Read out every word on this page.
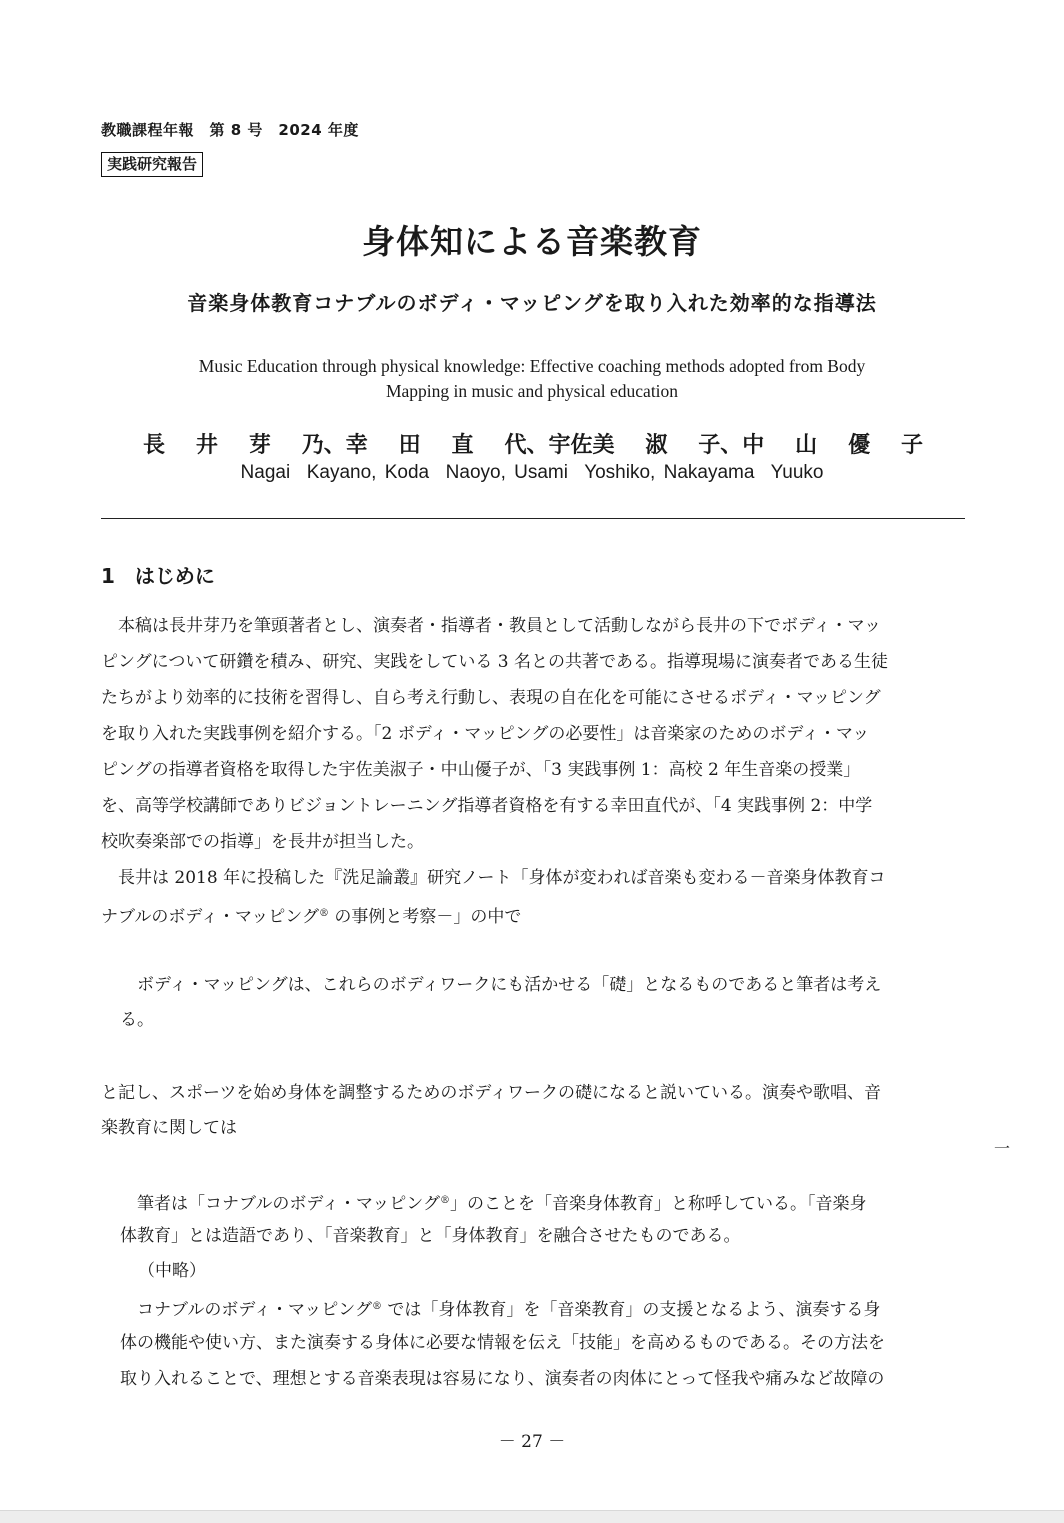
教職課程年報　第 8 号　2024 年度
実践研究報告
身体知による音楽教育
音楽身体教育コナブルのボディ・マッピングを取り入れた効率的な指導法
Music Education through physical knowledge: Effective coaching methods adopted from Body
Mapping in music and physical education
長 井 芽 乃、幸 田 直 代、宇佐美 淑 子、中 山 優 子
Nagai  Kayano, Koda  Naoyo, Usami  Yoshiko, Nakayama  Yuuko
1　はじめに
　本稿は長井芽乃を筆頭著者とし、演奏者・指導者・教員として活動しながら長井の下でボディ・マッ
ピングについて研鑽を積み、研究、実践をしている 3 名との共著である。指導現場に演奏者である生徒
たちがより効率的に技術を習得し、自ら考え行動し、表現の自在化を可能にさせるボディ・マッピング
を取り入れた実践事例を紹介する。「2 ボディ・マッピングの必要性」は音楽家のためのボディ・マッ
ピングの指導者資格を取得した宇佐美淑子・中山優子が、「3 実践事例 1：高校 2 年生音楽の授業」
を、高等学校講師でありビジョントレーニング指導者資格を有する幸田直代が、「4 実践事例 2：中学
校吹奏楽部での指導」を長井が担当した。
　長井は 2018 年に投稿した『洗足論叢』研究ノート「身体が変われば音楽も変わる－音楽身体教育コ
ナブルのボディ・マッピング® の事例と考察－」の中で
　ボディ・マッピングは、これらのボディワークにも活かせる「礎」となるものであると筆者は考え
る。
と記し、スポーツを始め身体を調整するためのボディワークの礎になると説いている。演奏や歌唱、音
楽教育に関しては
一
　筆者は「コナブルのボディ・マッピング®」のことを「音楽身体教育」と称呼している。「音楽身
体教育」とは造語であり、「音楽教育」と「身体教育」を融合させたものである。
（中略）
　コナブルのボディ・マッピング® では「身体教育」を「音楽教育」の支援となるよう、演奏する身
体の機能や使い方、また演奏する身体に必要な情報を伝え「技能」を高めるものである。その方法を
取り入れることで、理想とする音楽表現は容易になり、演奏者の肉体にとって怪我や痛みなど故障の
－ 27 －
